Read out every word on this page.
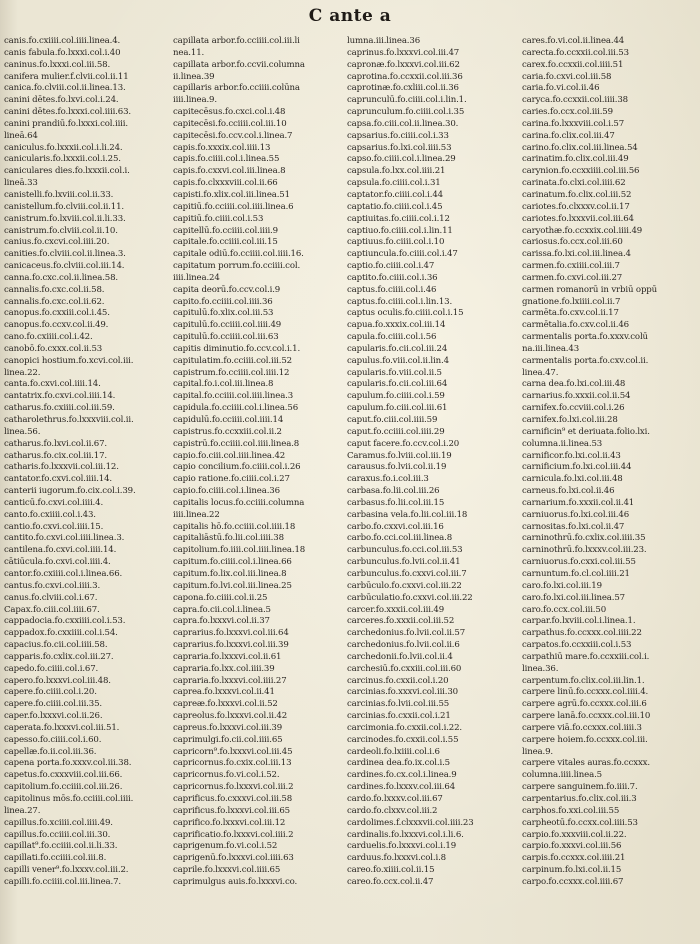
C ante a
canis.fo.cxiiii.col.iiii.linea.4.
canis fabula.fo.lxxxi.col.i.40
caninus.fo.lxxxi.col.iii.58.
canifera mulier.f.clvii.col.ii.11
canica.fo.clviii.col.ii.linea.13.
canini dētes.fo.lxvi.col.i.24.
canini dētes.fo.lxxxi.col.iiii.63.
canini prandiū.fo.lxxxi.col.iiii.
lineā.64
caniculus.fo.lxxxii.col.i.li.24.
canicularis.fo.lxxxii.col.i.25.
caniculares dies.fo.lxxxii.col.i.
lineā.33
canistelli.fo.lxviii.col.ii.33.
canistellum.fo.clviii.col.ii.11.
canistrum.fo.lxviii.col.ii.li.33.
canistrum.fo.clviii.col.ii.10.
canius.fo.cxcvi.col.iiii.20.
canities.fo.clviii.col.ii.linea.3.
canicaceus.fo.clviii.col.iii.14.
canna.fo.cxc.col.ii.linea.58.
cannalis.fo.cxc.col.ii.58.
cannalis.fo.cxc.col.ii.62.
canopus.fo.cxxiii.col.i.45.
canopus.fo.ccxv.col.ii.49.
cano.fo.cxiiii.col.i.42.
canobō.fo.cxxx.col.ii.53
canopici hostium.fo.xcvi.col.iii.
linea.22.
canta.fo.cxvi.col.iiii.14.
cantatrix.fo.cxvi.col.iiii.14.
catharus.fo.cxiiii.col.iii.59.
catharolethrus.fo.lxxxviii.col.ii.
linea.56.
catharus.fo.lxvi.col.ii.67.
catharus.fo.cix.col.iii.17.
catharis.fo.lxxxvii.col.iii.12.
cantator.fo.cxvi.col.iiii.14.
canterii iugorum.fo.cix.col.i.39.
canticū.fo.cxvi.col.iiii.4.
canto.fo.cxiiii.col.i.43.
cantio.fo.cxvi.col.iiii.15.
cantito.fo.cxvi.col.iiii.linea.3.
cantilena.fo.cxvi.col.iiii.14.
cātiūcula.fo.cxvi.col.iiii.4.
cantor.fo.cxiiii.col.i.linea.66.
cantus.fo.cxvi.col.iiii.3.
canus.fo.clviii.col.i.67.
Capax.fo.ciii.col.iiii.67.
cappadocia.fo.cxxiiii.col.i.53.
cappadox.fo.cxxiiii.col.i.54.
capacius.fo.cii.col.iiii.58.
capparis.fo.cxlix.col.iii.27.
capedo.fo.ciiii.col.i.67.
capero.fo.lxxxvi.col.iii.48.
capere.fo.ciiii.col.i.20.
capere.fo.ciiii.col.iii.35.
caper.fo.lxxxvi.col.ii.26.
caperata.fo.lxxxvi.col.iii.51.
capesso.fo.ciiii.col.i.60.
capellæ.fo.ii.col.iii.36.
capena porta.fo.xxxv.col.iii.38.
capetus.fo.cxxxviii.col.iii.66.
capitolium.fo.cciiii.col.iii.26.
capitolinus mōs.fo.cciiii.col.iiii.
linea.27.
capillus.fo.xciiii.col.iiii.49.
capillus.fo.cciiii.col.iii.30.
capillat⁹.fo.cciiii.col.ii.li.33.
capillati.fo.cciiii.col.iii.8.
capilli vener⁹.fo.lxxxv.col.iii.2.
capilli.fo.cciiii.col.iii.linea.7.
capillata arbor.fo.cciiii.col.iii.li
nea.11.
capillata arbor.fo.ccvii.columna
ii.linea.39
capillaris arbor.fo.cciiii.colūna
iiii.linea.9.
capitecēsus.fo.cxci.col.i.48
capitecēsi.fo.cciiii.col.iii.10
capitecēsi.fo.ccv.col.i.linea.7
capis.fo.xxxix.col.iiii.13
capis.fo.ciiii.col.i.linea.55
capis.fo.cxxvi.col.iii.linea.8
capis.fo.clxxxviii.col.ii.66
capisti.fo.xlix.col.iii.linea.51
capitiū.fo.cciiii.col.iiii.linea.6
capitiū.fo.ciiii.col.i.53
capitellū.fo.cciiii.col.iiii.9
capitale.fo.cciiii.col.iii.15
capitale odiū.fo.cciiii.col.iiii.16.
capitatum porrum.fo.cciiii.col.
iiii.linea.24
capita deorū.fo.ccv.col.i.9
capito.fo.cciiii.col.iiii.36
capitulū.fo.xlix.col.iii.53
capitulū.fo.cciiii.col.iiii.49
capitulū.fo.cciiii.col.iii.63
capitis diminutio.fo.ccv.col.i.1.
capitulatim.fo.cciiii.col.iii.52
capistrum.fo.cciiii.col.iiii.12
capital.fo.i.col.iii.linea.8
capital.fo.cciiii.col.iiii.linea.3
capidula.fo.cciiii.col.i.linea.56
capidulū.fo.cciiii.col.iiii.14
capistrus.fo.ccxxiii.col.ii.2
capistrū.fo.cciiii.col.iiii.linea.8
capio.fo.ciii.col.iiii.linea.42
capio concilium.fo.ciiii.col.i.26
capio ratione.fo.ciiii.col.i.27
capio.fo.ciiii.col.i.linea.36
capitalis locus.fo.cciiii.columna
iiii.linea.22
capitalis hō.fo.cciiii.col.iiii.18
capitaliāstū.fo.lii.col.iiii.38
capitolium.fo.iiii.col.iiii.linea.18
capitum.fo.ciiii.col.i.linea.66
capitum.fo.lix.col.iii.linea.8
capitum.fo.lvi.col.iii.linea.25
capona.fo.ciiii.col.ii.25
capra.fo.cii.col.i.linea.5
capra.fo.lxxxvi.col.ii.37
caprarius.fo.lxxxvi.col.iii.64
caprarius.fo.lxxxvi.col.iii.39
capraria.fo.lxxxvi.col.ii.61
capraria.fo.lxx.col.iiii.39
capraria.fo.lxxxvi.col.iiii.27
caprea.fo.lxxxvi.col.ii.41
capreæ.fo.lxxxvi.col.ii.52
capreolus.fo.lxxxvi.col.ii.42
capreus.fo.lxxxvi.col.iii.39
caprimulgi.fo.cii.col.iiii.65
capricorn⁹.fo.lxxxvi.col.iii.45
capricornus.fo.cxix.col.iii.13
capricornus.fo.vi.col.i.52.
capricornus.fo.lxxxvi.col.iii.2
caprificus.fo.cxxxvi.col.iii.58
caprificus.fo.lxxxvi.col.iii.65
caprifico.fo.lxxxvi.col.iii.12
caprificatio.fo.lxxxvi.col.iiii.2
caprigenum.fo.vi.col.i.52
caprigenū.fo.lxxxvi.col.iiii.63
caprile.fo.lxxxvi.col.iiii.65
caprimulgus auis.fo.lxxxvi.co.
lumna.iii.linea.36
caprinus.fo.lxxxvi.col.iii.47
capronæ.fo.lxxxvi.col.iii.62
caprotina.fo.ccxxii.col.iii.36
caprotinæ.fo.cxliii.col.ii.36
caprunculū.fo.ciiii.col.i.lin.1.
caprunculum.fo.ciiii.col.i.35
capsa.fo.ciii.col.ii.linea.30.
capsarius.fo.ciiii.col.i.33
capsarius.fo.lxi.col.iiii.53
capso.fo.ciiii.col.i.linea.29
capsula.fo.lxx.col.iiii.21
capsula.fo.ciiii.col.i.31
captator.fo.ciiii.col.i.44
captatio.fo.ciiii.col.i.45
captiuitas.fo.ciiii.col.i.12
captiuo.fo.ciiii.col.i.lin.11
captiuus.fo.ciiii.col.i.10
captiuncula.fo.ciiii.col.i.47
captio.fo.ciiii.col.i.47
captito.fo.ciiii.col.i.36
captus.fo.ciiii.col.i.46
captus.fo.ciiii.col.i.lin.13.
captus oculis.fo.ciiii.col.i.15
capua.fo.xxxix.col.iii.14
capula.fo.ciiii.col.i.56
capularis.fo.cii.col.iii.24
capulus.fo.viii.col.ii.lin.4
capularis.fo.viii.col.ii.5
capularis.fo.cii.col.iii.64
capulum.fo.ciiii.col.i.59
capulum.fo.ciii.col.iii.61
caput.fo.ciii.col.iiii.59
caput.fo.cciiii.col.iiii.29
caput facere.fo.ccv.col.i.20
Caramus.fo.lviii.col.iii.19
carausus.fo.lvii.col.ii.19
caraxus.fo.i.col.iii.3
carbasa.fo.lii.col.iii.26
carbasus.fo.lii.col.iii.15
carbasina vela.fo.lii.col.iii.18
carbo.fo.cxxvi.col.iii.16
carbo.fo.cci.col.iii.linea.8
carbunculus.fo.cci.col.iii.53
carbunculus.fo.lvii.col.ii.41
carbunculus.fo.cxxvi.col.iii.7
carbūculo.fo.cxxvi.col.iii.22
carbūculatio.fo.cxxvi.col.iii.22
carcer.fo.xxxii.col.iii.49
carceres.fo.xxxii.col.iii.52
carchedonius.fo.lvii.col.ii.57
carchedonius.fo.lvii.col.ii.6
carchedonii.fo.lvii.col.ii.4
carchesiū.fo.cxxiii.col.iii.60
carcinus.fo.cxxii.col.i.20
carcinias.fo.xxxvi.col.iii.30
carcinias.fo.lvii.col.iii.55
carcinias.fo.cxxii.col.i.21
carcimonia.fo.cxxii.col.i.22.
carcinodes.fo.cxxii.col.i.55
cardeoli.fo.lxiiii.col.i.6
cardinea dea.fo.ix.col.i.5
cardines.fo.cx.col.i.linea.9
cardines.fo.lxxxv.col.iii.64
cardo.fo.lxxxv.col.iii.67
cardo.fo.clxxv.col.iii.2
cardolimes.f.clxxxvii.col.iiii.23
cardinalis.fo.lxxxvi.col.i.li.6.
carduelis.fo.lxxxvi.col.i.19
carduus.fo.lxxxvi.col.i.8
careo.fo.xiiii.col.ii.15
careo.fo.ccx.col.ii.47
cares.fo.vi.col.ii.linea.44
carecta.fo.ccxxii.col.iii.53
carex.fo.ccxxii.col.iiii.51
caria.fo.cxvi.col.iii.58
caria.fo.vi.col.ii.46
caryca.fo.ccxxii.col.iiii.38
caries.fo.ccx.col.iii.59
carina.fo.lxxxviii.col.i.57
carina.fo.clix.col.iii.47
carino.fo.clix.col.iii.linea.54
carinatim.fo.clix.col.iii.49
carynion.fo.ccxxiiii.col.iii.56
carinata.fo.clxi.col.iiii.62
carinatum.fo.clix.col.iii.52
cariotes.fo.clxxxv.col.ii.17
cariotes.fo.lxxxvii.col.iii.64
caryothæ.fo.ccxxix.col.iiii.49
cariosus.fo.ccx.col.iii.60
carissa.fo.lxi.col.iii.linea.4
carmen.fo.cxiiii.col.iii.7
carmen.fo.cxvi.col.iii.27
carmen romanorū in vrbiū oppū
gnatione.fo.lxiiii.col.ii.7
carmēta.fo.cxv.col.ii.17
carmētalia.fo.cxv.col.ii.46
carmentalis porta.fo.xxxv.colū
na.iii.linea.43
carmentalis porta.fo.cxv.col.ii.
linea.47.
carna dea.fo.lxi.col.iii.48
carnarius.fo.xxxii.col.ii.54
carnifex.fo.ccviii.col.i.26
carnifex.fo.lxi.col.iii.28
carnificin⁹ et deriuata.folio.lxi.
columna.ii.linea.53
carnificor.fo.lxi.col.ii.43
carnificium.fo.lxi.col.iii.44
carnicula.fo.lxi.col.iii.48
carneus.fo.lxi.col.ii.46
carnarium.fo.xxxii.col.ii.41
carniuorus.fo.lxi.col.iii.46
carnositas.fo.lxi.col.ii.47
carninothrū.fo.cxlix.col.iiii.35
carninothrū.fo.lxxxv.col.iii.23.
carniuorus.fo.cxxi.col.iii.55
carnuntum.fo.cl.col.iiii.21
caro.fo.lxi.col.iii.19
caro.fo.lxi.col.iii.linea.57
caro.fo.ccx.col.iii.50
carpar.fo.lxviii.col.i.linea.1.
carpathus.fo.ccxxx.col.iiii.22
carpatos.fo.ccxxiii.col.i.53
carpathiū mare.fo.ccxxiii.col.i.
linea.36.
carpentum.fo.clix.col.iii.lin.1.
carpere linū.fo.ccxxx.col.iiii.4.
carpere agrū.fo.ccxxx.col.iii.6
carpere lanā.fo.ccxxx.col.iii.10
carpere viā.fo.ccxxx.col.iiii.3
carpere hoiem.fo.ccxxx.col.iii.
linea.9.
carpere vitales auras.fo.ccxxx.
columna.iiii.linea.5
carpere sanguinem.fo.iiii.7.
carpentarius.fo.clix.col.iii.3
carphos.fo.xxi.col.iii.55
carpheotū.fo.ccxx.col.iiii.53
carpio.fo.xxxviii.col.ii.22.
carpio.fo.xxxvi.col.iii.56
carpis.fo.ccxxx.col.iiii.21
carpinum.fo.lxi.col.ii.15
carpo.fo.ccxxx.col.iiii.67
